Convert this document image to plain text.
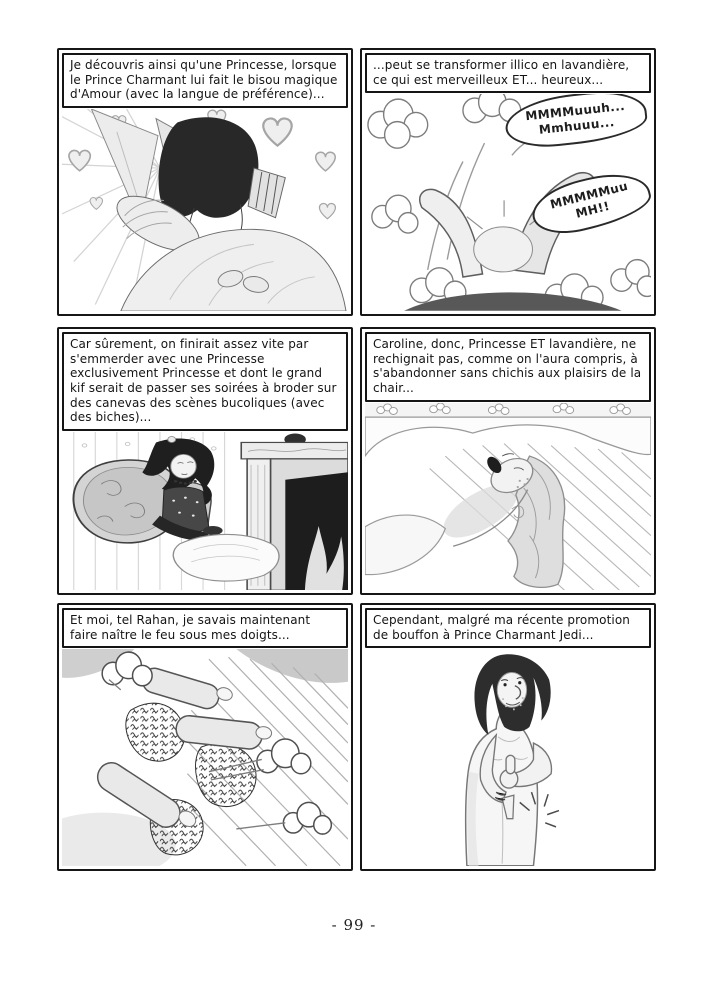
Je découvris ainsi qu'une Princesse, lorsque le Prince Charmant lui fait le bisou magique d'Amour (avec la langue de préférence)...
...peut se transformer illico en lavandière, ce qui est merveilleux ET... heureux...
MMMMuuuh... Mmhuuu...
MMMMMuu MH!!
Car sûrement, on finirait assez vite par s'emmerder avec une Princesse exclusivement Princesse et dont le grand kif serait de passer ses soirées à broder sur des canevas des scènes bucoliques (avec des biches)...
Caroline, donc, Princesse ET lavandière, ne rechignait pas, comme on l'aura compris, à s'abandonner sans chichis aux plaisirs de la chair...
Et moi, tel Rahan, je savais maintenant faire naître le feu sous mes doigts...
Cependant, malgré ma récente promotion de bouffon à Prince Charmant Jedi...
- 99 -
